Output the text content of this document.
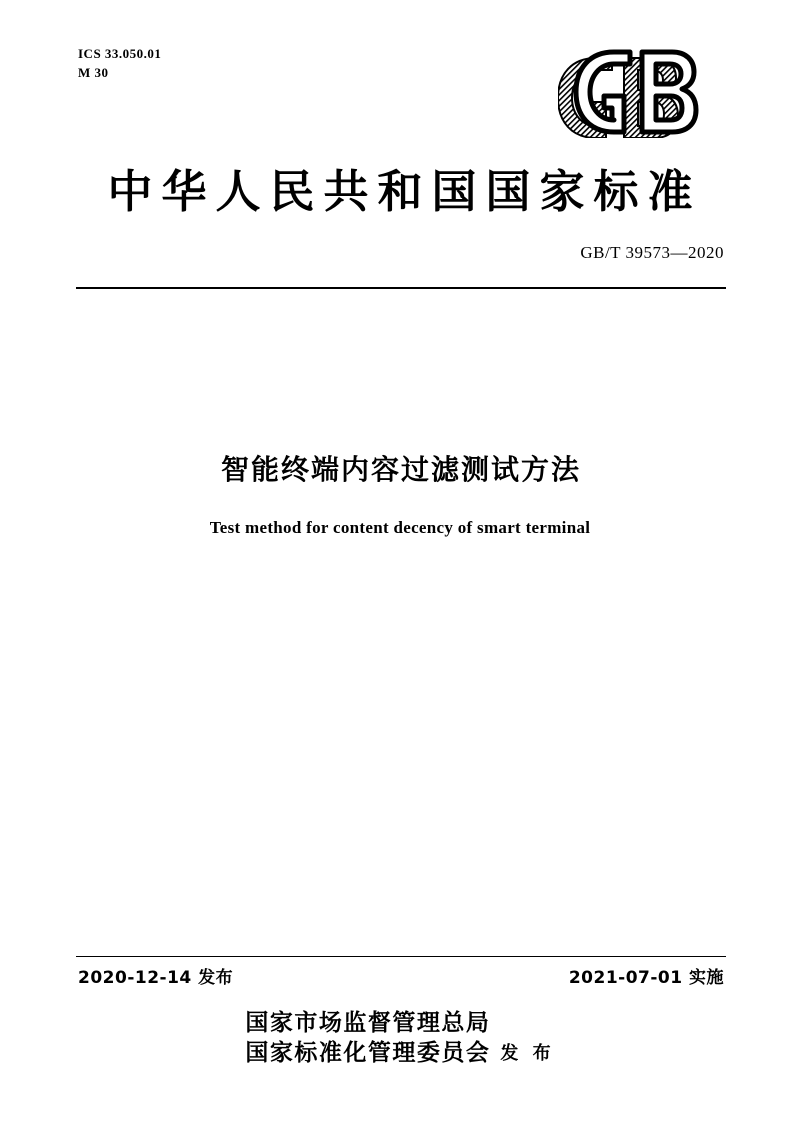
ICS 33.050.01
M 30
中华人民共和国国家标准
GB/T 39573—2020
智能终端内容过滤测试方法
Test method for content decency of smart terminal
2020-12-14 发布	2021-07-01 实施
国家市场监督管理总局
国家标准化管理委员会 发 布
